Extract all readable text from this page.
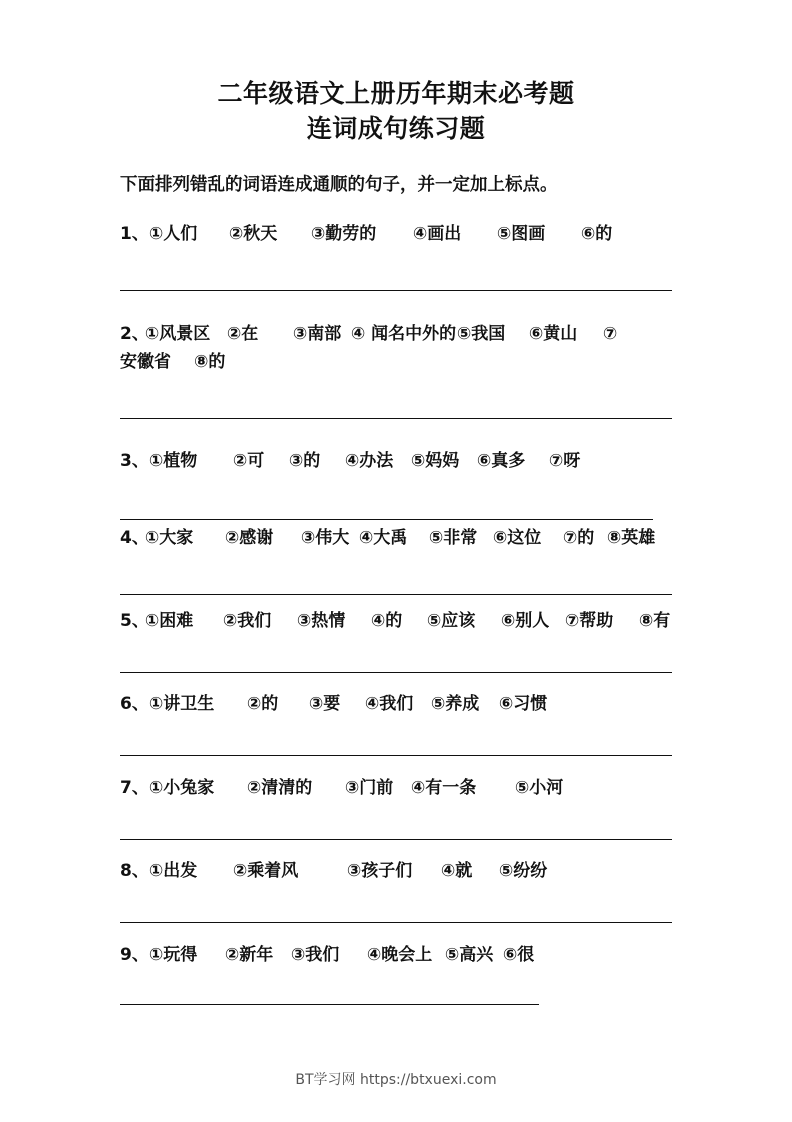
二年级语文上册历年期末必考题
连词成句练习题
下面排列错乱的词语连成通顺的句子，并一定加上标点。
1、①人们 ②秋天 ③勤劳的 ④画出 ⑤图画 ⑥的
2、①风景区 ②在 ③南部 ④ 闻名中外的⑤我国 ⑥黄山 ⑦
安徽省 ⑧的
3、①植物 ②可 ③的 ④办法 ⑤妈妈 ⑥真多 ⑦呀
4、①大家 ②感谢 ③伟大 ④大禹 ⑤非常 ⑥这位 ⑦的 ⑧英雄
5、①困难 ②我们 ③热情 ④的 ⑤应该 ⑥别人 ⑦帮助 ⑧有
6、①讲卫生 ②的 ③要 ④我们 ⑤养成 ⑥习惯
7、①小兔家 ②清清的 ③门前 ④有一条 ⑤小河
8、①出发 ②乘着风	③孩子们 ④就 ⑤纷纷
9、①玩得 ②新年 ③我们 ④晚会上 ⑤高兴 ⑥很
BT学习网 https://btxuexi.com
